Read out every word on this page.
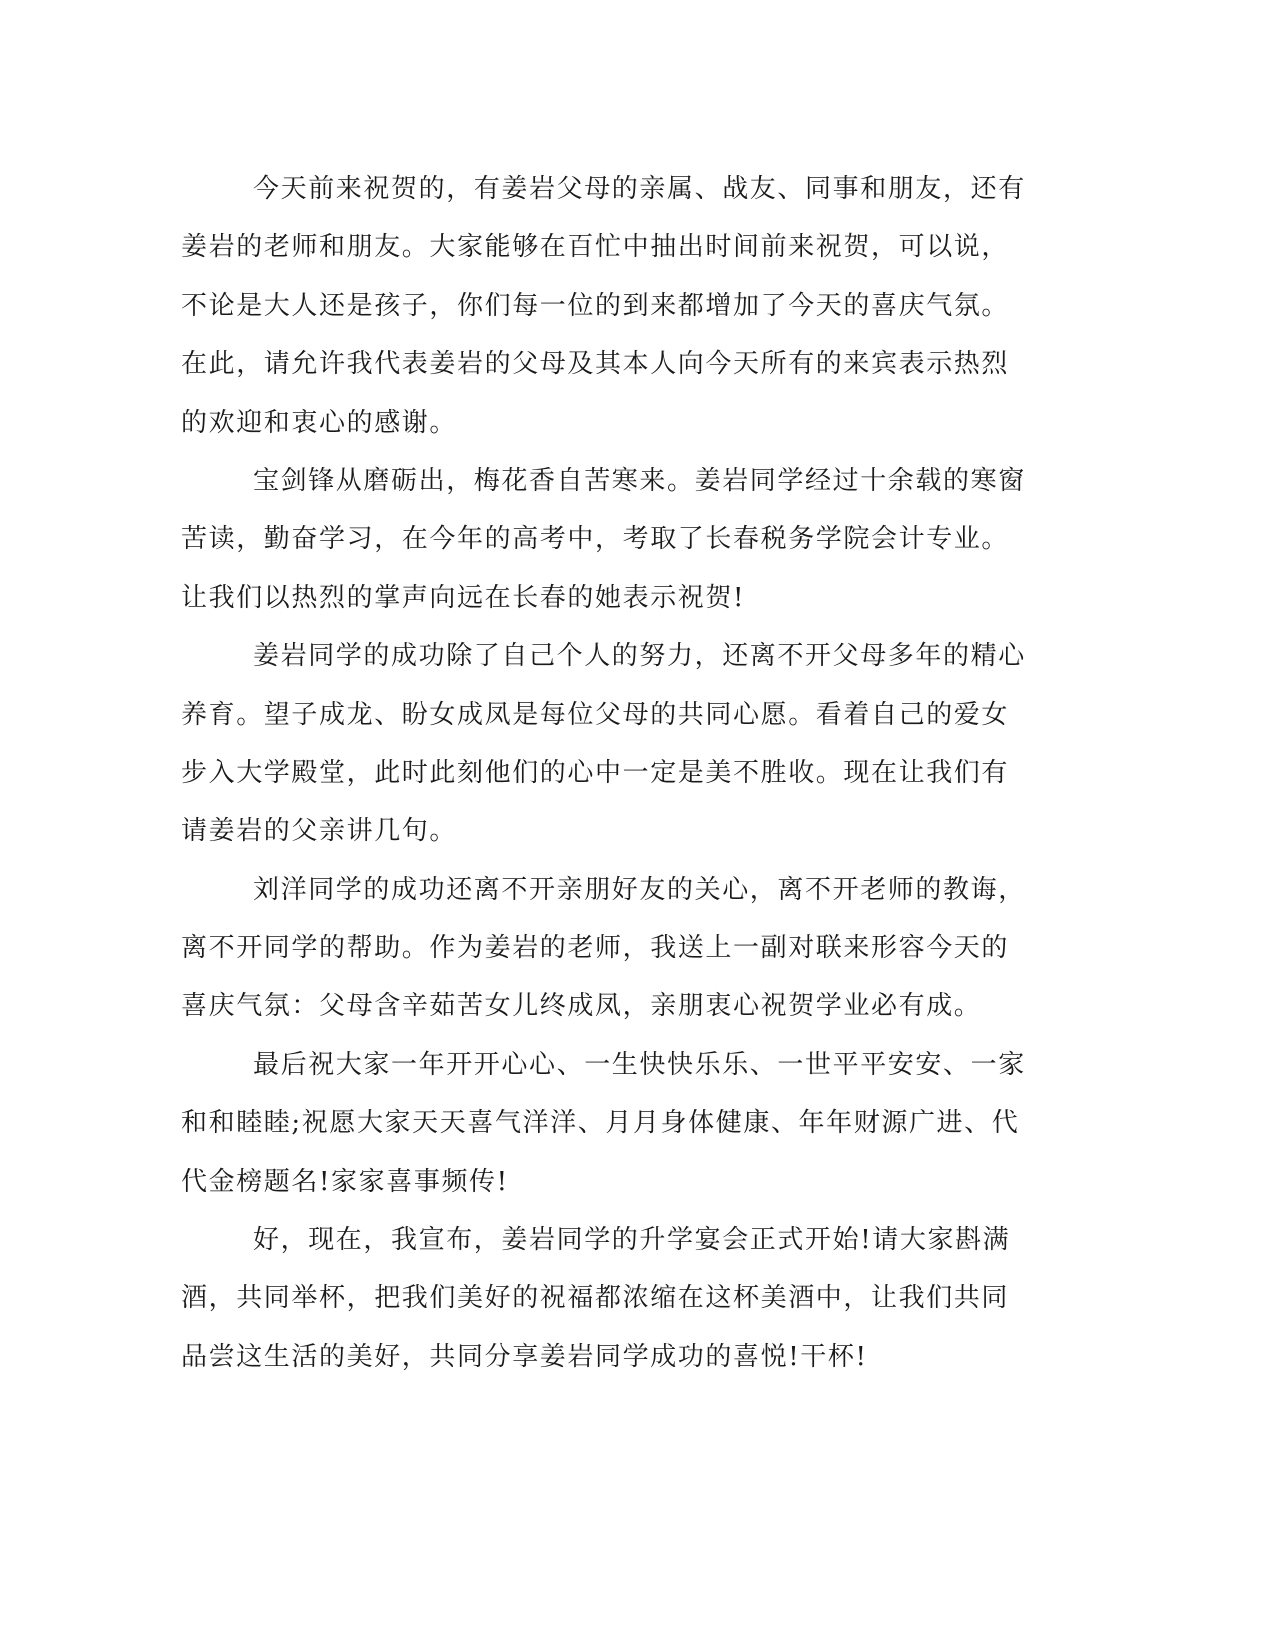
今天前来祝贺的，有姜岩父母的亲属、战友、同事和朋友，还有
姜岩的老师和朋友。大家能够在百忙中抽出时间前来祝贺，可以说，
不论是大人还是孩子，你们每一位的到来都增加了今天的喜庆气氛。
在此，请允许我代表姜岩的父母及其本人向今天所有的来宾表示热烈
的欢迎和衷心的感谢。
宝剑锋从磨砺出，梅花香自苦寒来。姜岩同学经过十余载的寒窗
苦读，勤奋学习，在今年的高考中，考取了长春税务学院会计专业。
让我们以热烈的掌声向远在长春的她表示祝贺!
姜岩同学的成功除了自己个人的努力，还离不开父母多年的精心
养育。望子成龙、盼女成凤是每位父母的共同心愿。看着自己的爱女
步入大学殿堂，此时此刻他们的心中一定是美不胜收。现在让我们有
请姜岩的父亲讲几句。
刘洋同学的成功还离不开亲朋好友的关心，离不开老师的教诲，
离不开同学的帮助。作为姜岩的老师，我送上一副对联来形容今天的
喜庆气氛：父母含辛茹苦女儿终成凤，亲朋衷心祝贺学业必有成。
最后祝大家一年开开心心、一生快快乐乐、一世平平安安、一家
和和睦睦;祝愿大家天天喜气洋洋、月月身体健康、年年财源广进、代
代金榜题名!家家喜事频传!
好，现在，我宣布，姜岩同学的升学宴会正式开始!请大家斟满
酒，共同举杯，把我们美好的祝福都浓缩在这杯美酒中，让我们共同
品尝这生活的美好，共同分享姜岩同学成功的喜悦!干杯!
